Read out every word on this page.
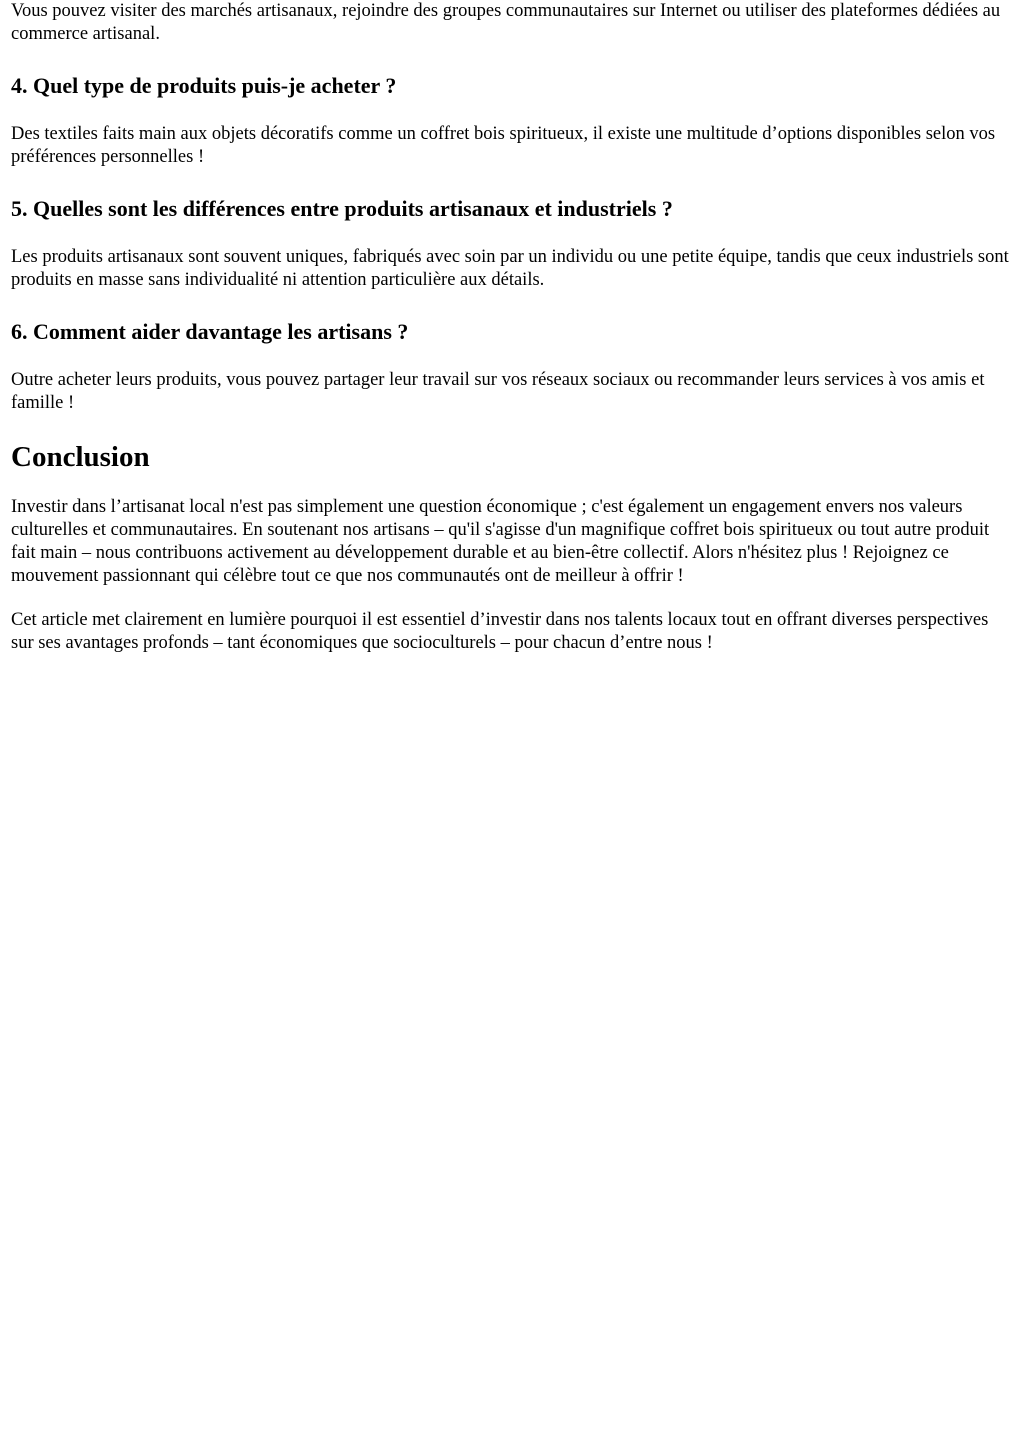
Vous pouvez visiter des marchés artisanaux, rejoindre des groupes communautaires sur Internet ou utiliser des plateformes dédiées au commerce artisanal.

4. Quel type de produits puis-je acheter ?

Des textiles faits main aux objets décoratifs comme un coffret bois spiritueux, il existe une multitude d’options disponibles selon vos préférences personnelles !

5. Quelles sont les différences entre produits artisanaux et industriels ?

Les produits artisanaux sont souvent uniques, fabriqués avec soin par un individu ou une petite équipe, tandis que ceux industriels sont produits en masse sans individualité ni attention particulière aux détails.

6. Comment aider davantage les artisans ?

Outre acheter leurs produits, vous pouvez partager leur travail sur vos réseaux sociaux ou recommander leurs services à vos amis et famille !

Conclusion

Investir dans l’artisanat local n'est pas simplement une question économique ; c'est également un engagement envers nos valeurs culturelles et communautaires. En soutenant nos artisans – qu'il s'agisse d'un magnifique coffret bois spiritueux ou tout autre produit fait main – nous contribuons activement au développement durable et au bien-être collectif. Alors n'hésitez plus ! Rejoignez ce mouvement passionnant qui célèbre tout ce que nos communautés ont de meilleur à offrir !

Cet article met clairement en lumière pourquoi il est essentiel d’investir dans nos talents locaux tout en offrant diverses perspectives sur ses avantages profonds – tant économiques que socioculturels – pour chacun d’entre nous !
